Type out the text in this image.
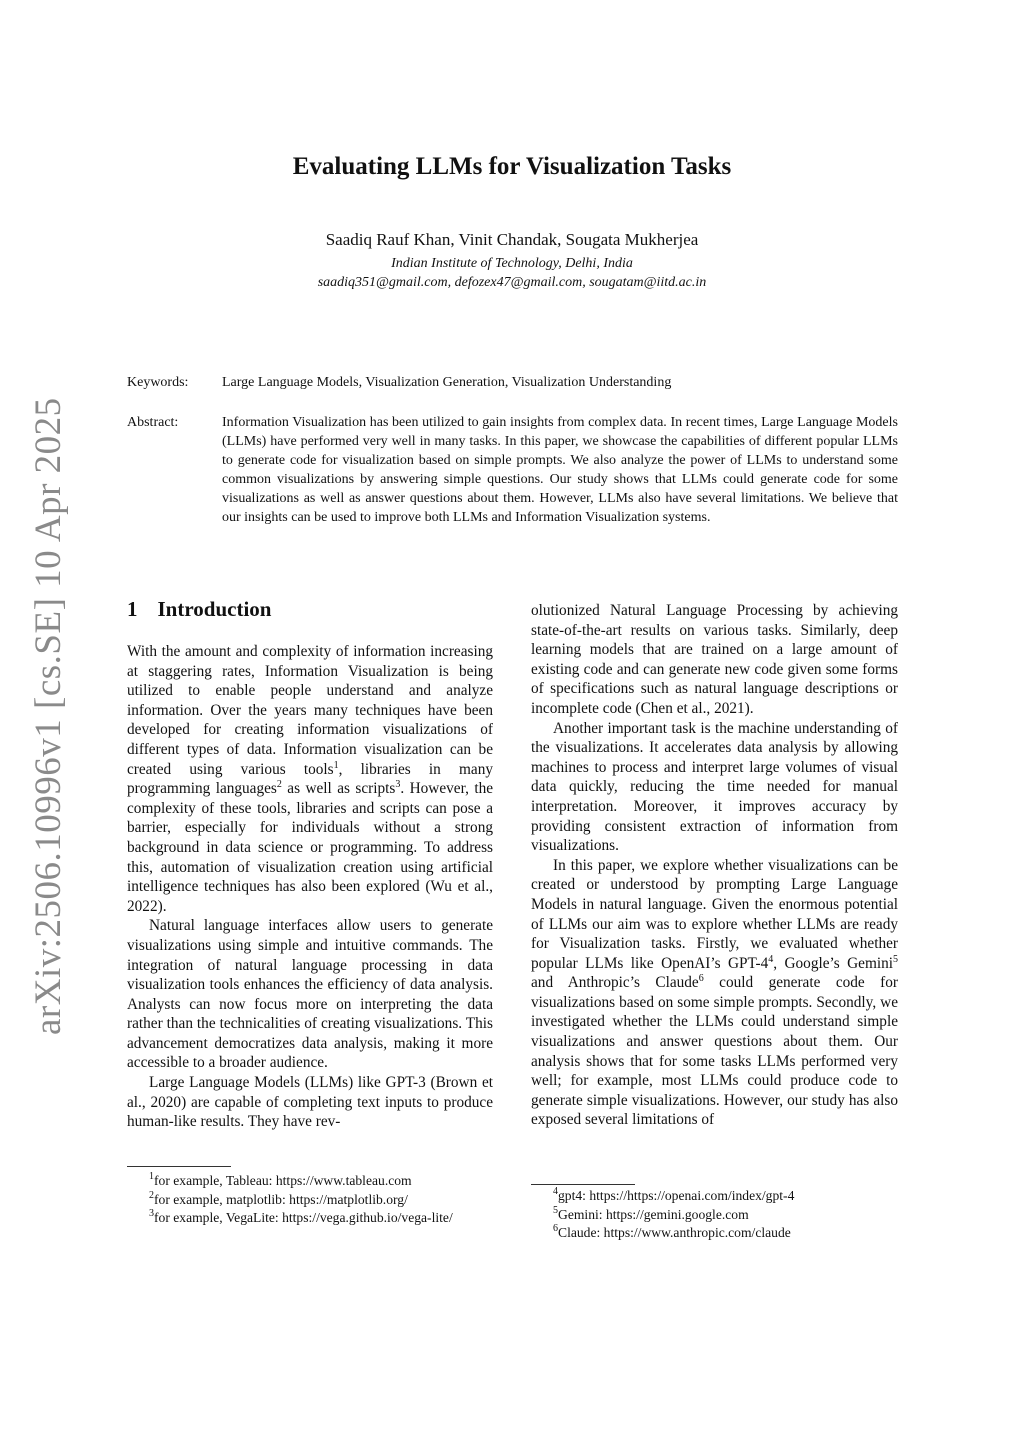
arXiv:2506.10996v1 [cs.SE] 10 Apr 2025
Evaluating LLMs for Visualization Tasks
Saadiq Rauf Khan, Vinit Chandak, Sougata Mukherjea
Indian Institute of Technology, Delhi, India
saadiq351@gmail.com, defozex47@gmail.com, sougatam@iitd.ac.in
Keywords: Large Language Models, Visualization Generation, Visualization Understanding
Abstract:	Information Visualization has been utilized to gain insights from complex data. In recent times, Large Language Models (LLMs) have performed very well in many tasks. In this paper, we showcase the capabilities of different popular LLMs to generate code for visualization based on simple prompts. We also analyze the power of LLMs to understand some common visualizations by answering simple questions. Our study shows that LLMs could generate code for some visualizations as well as answer questions about them. However, LLMs also have several limitations. We believe that our insights can be used to improve both LLMs and Information Visualization systems.
1 Introduction

With the amount and complexity of information increasing at staggering rates, Information Visualization is being utilized to enable people understand and analyze information. Over the years many techniques have been developed for creating information visualizations of different types of data. Information visualization can be created using various tools$^1$, libraries in many programming languages$^2$ as well as scripts$^3$. However, the complexity of these tools, libraries and scripts can pose a barrier, especially for individuals without a strong background in data science or programming. To address this, automation of visualization creation using artificial intelligence techniques has also been explored (Wu et al., 2022).

Natural language interfaces allow users to generate visualizations using simple and intuitive commands. The integration of natural language processing in data visualization tools enhances the efficiency of data analysis. Analysts can now focus more on interpreting the data rather than the technicalities of creating visualizations. This advancement democratizes data analysis, making it more accessible to a broader audience.

Large Language Models (LLMs) like GPT-3 (Brown et al., 2020) are capable of completing text inputs to produce human-like results. They have rev-

olutionized Natural Language Processing by achieving state-of-the-art results on various tasks. Similarly, deep learning models that are trained on a large amount of existing code and can generate new code given some forms of specifications such as natural language descriptions or incomplete code (Chen et al., 2021).

Another important task is the machine understanding of the visualizations. It accelerates data analysis by allowing machines to process and interpret large volumes of visual data quickly, reducing the time needed for manual interpretation. Moreover, it improves accuracy by providing consistent extraction of information from visualizations.

In this paper, we explore whether visualizations can be created or understood by prompting Large Language Models in natural language. Given the enormous potential of LLMs our aim was to explore whether LLMs are ready for Visualization tasks. Firstly, we evaluated whether popular LLMs like OpenAI’s GPT-$4^4$, Google’s Gemini$^5$ and Anthropic’s Claude$^6$ could generate code for visualizations based on some simple prompts. Secondly, we investigated whether the LLMs could understand simple visualizations and answer questions about them. Our analysis shows that for some tasks LLMs performed very well; for example, most LLMs could produce code to generate simple visualizations. However, our study has also exposed several limitations of

$^1$for example, Tableau: https://www.tableau.com
$^2$for example, matplotlib: https://matplotlib.org/
$^3$for example, VegaLite: https://vega.github.io/vega-lite/
$^4$gpt4: https://https://openai.com/index/gpt-4
$^5$Gemini: https://gemini.google.com
$^6$Claude: https://www.anthropic.com/claude
